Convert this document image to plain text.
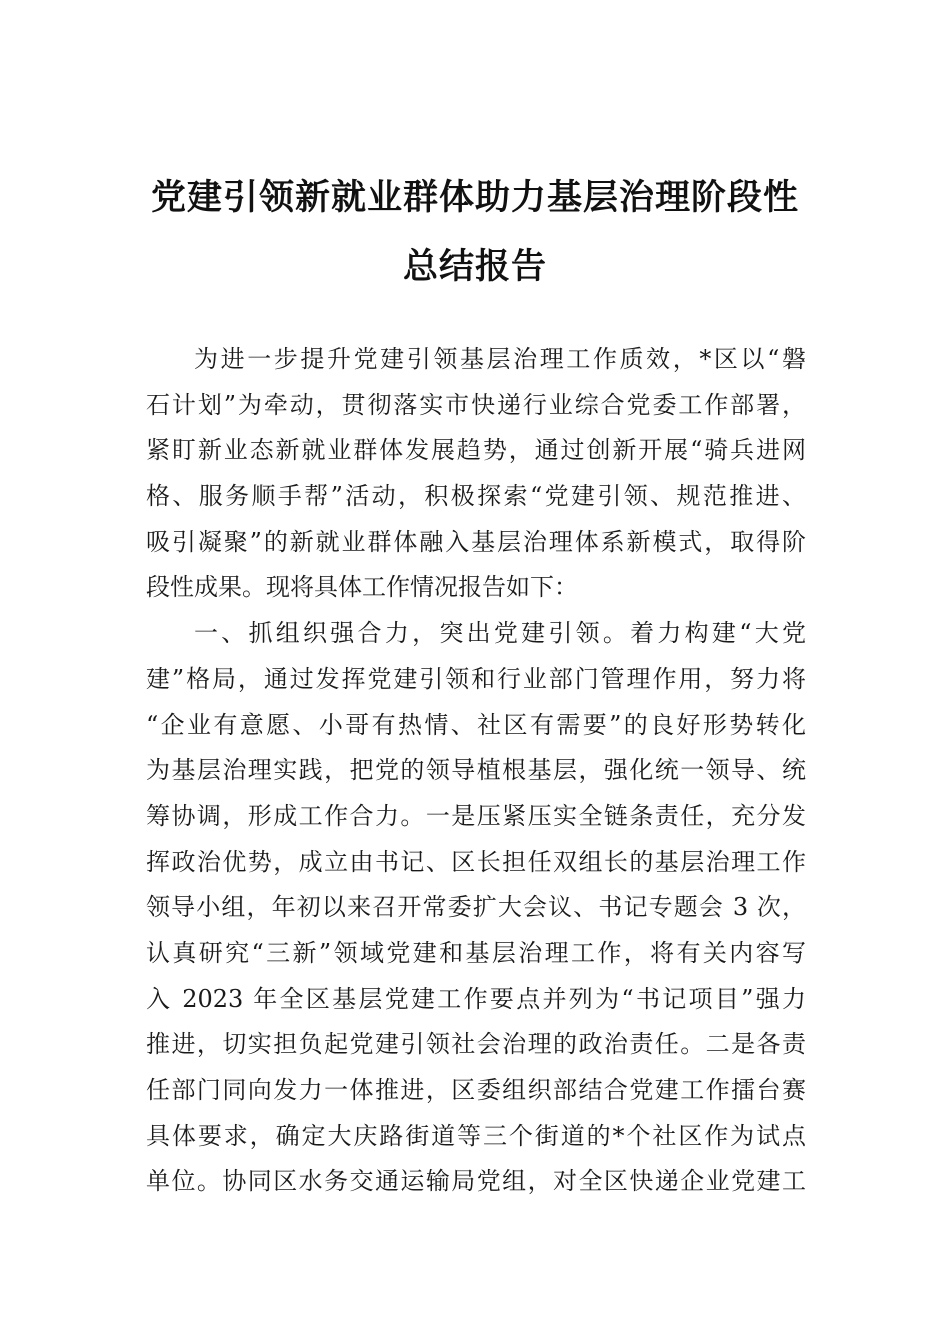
党建引领新就业群体助力基层治理阶段性
总结报告
为进一步提升党建引领基层治理工作质效，*区以“磐
石计划”为牵动，贯彻落实市快递行业综合党委工作部署，
紧盯新业态新就业群体发展趋势，通过创新开展“骑兵进网
格、服务顺手帮”活动，积极探索“党建引领、规范推进、
吸引凝聚”的新就业群体融入基层治理体系新模式，取得阶
段性成果。现将具体工作情况报告如下：
一、抓组织强合力，突出党建引领。着力构建“大党
建”格局，通过发挥党建引领和行业部门管理作用，努力将
“企业有意愿、小哥有热情、社区有需要”的良好形势转化
为基层治理实践，把党的领导植根基层，强化统一领导、统
筹协调，形成工作合力。一是压紧压实全链条责任，充分发
挥政治优势，成立由书记、区长担任双组长的基层治理工作
领导小组，年初以来召开常委扩大会议、书记专题会 3 次，
认真研究“三新”领域党建和基层治理工作，将有关内容写
入 2023 年全区基层党建工作要点并列为“书记项目”强力
推进，切实担负起党建引领社会治理的政治责任。二是各责
任部门同向发力一体推进，区委组织部结合党建工作擂台赛
具体要求，确定大庆路街道等三个街道的*个社区作为试点
单位。协同区水务交通运输局党组，对全区快递企业党建工
